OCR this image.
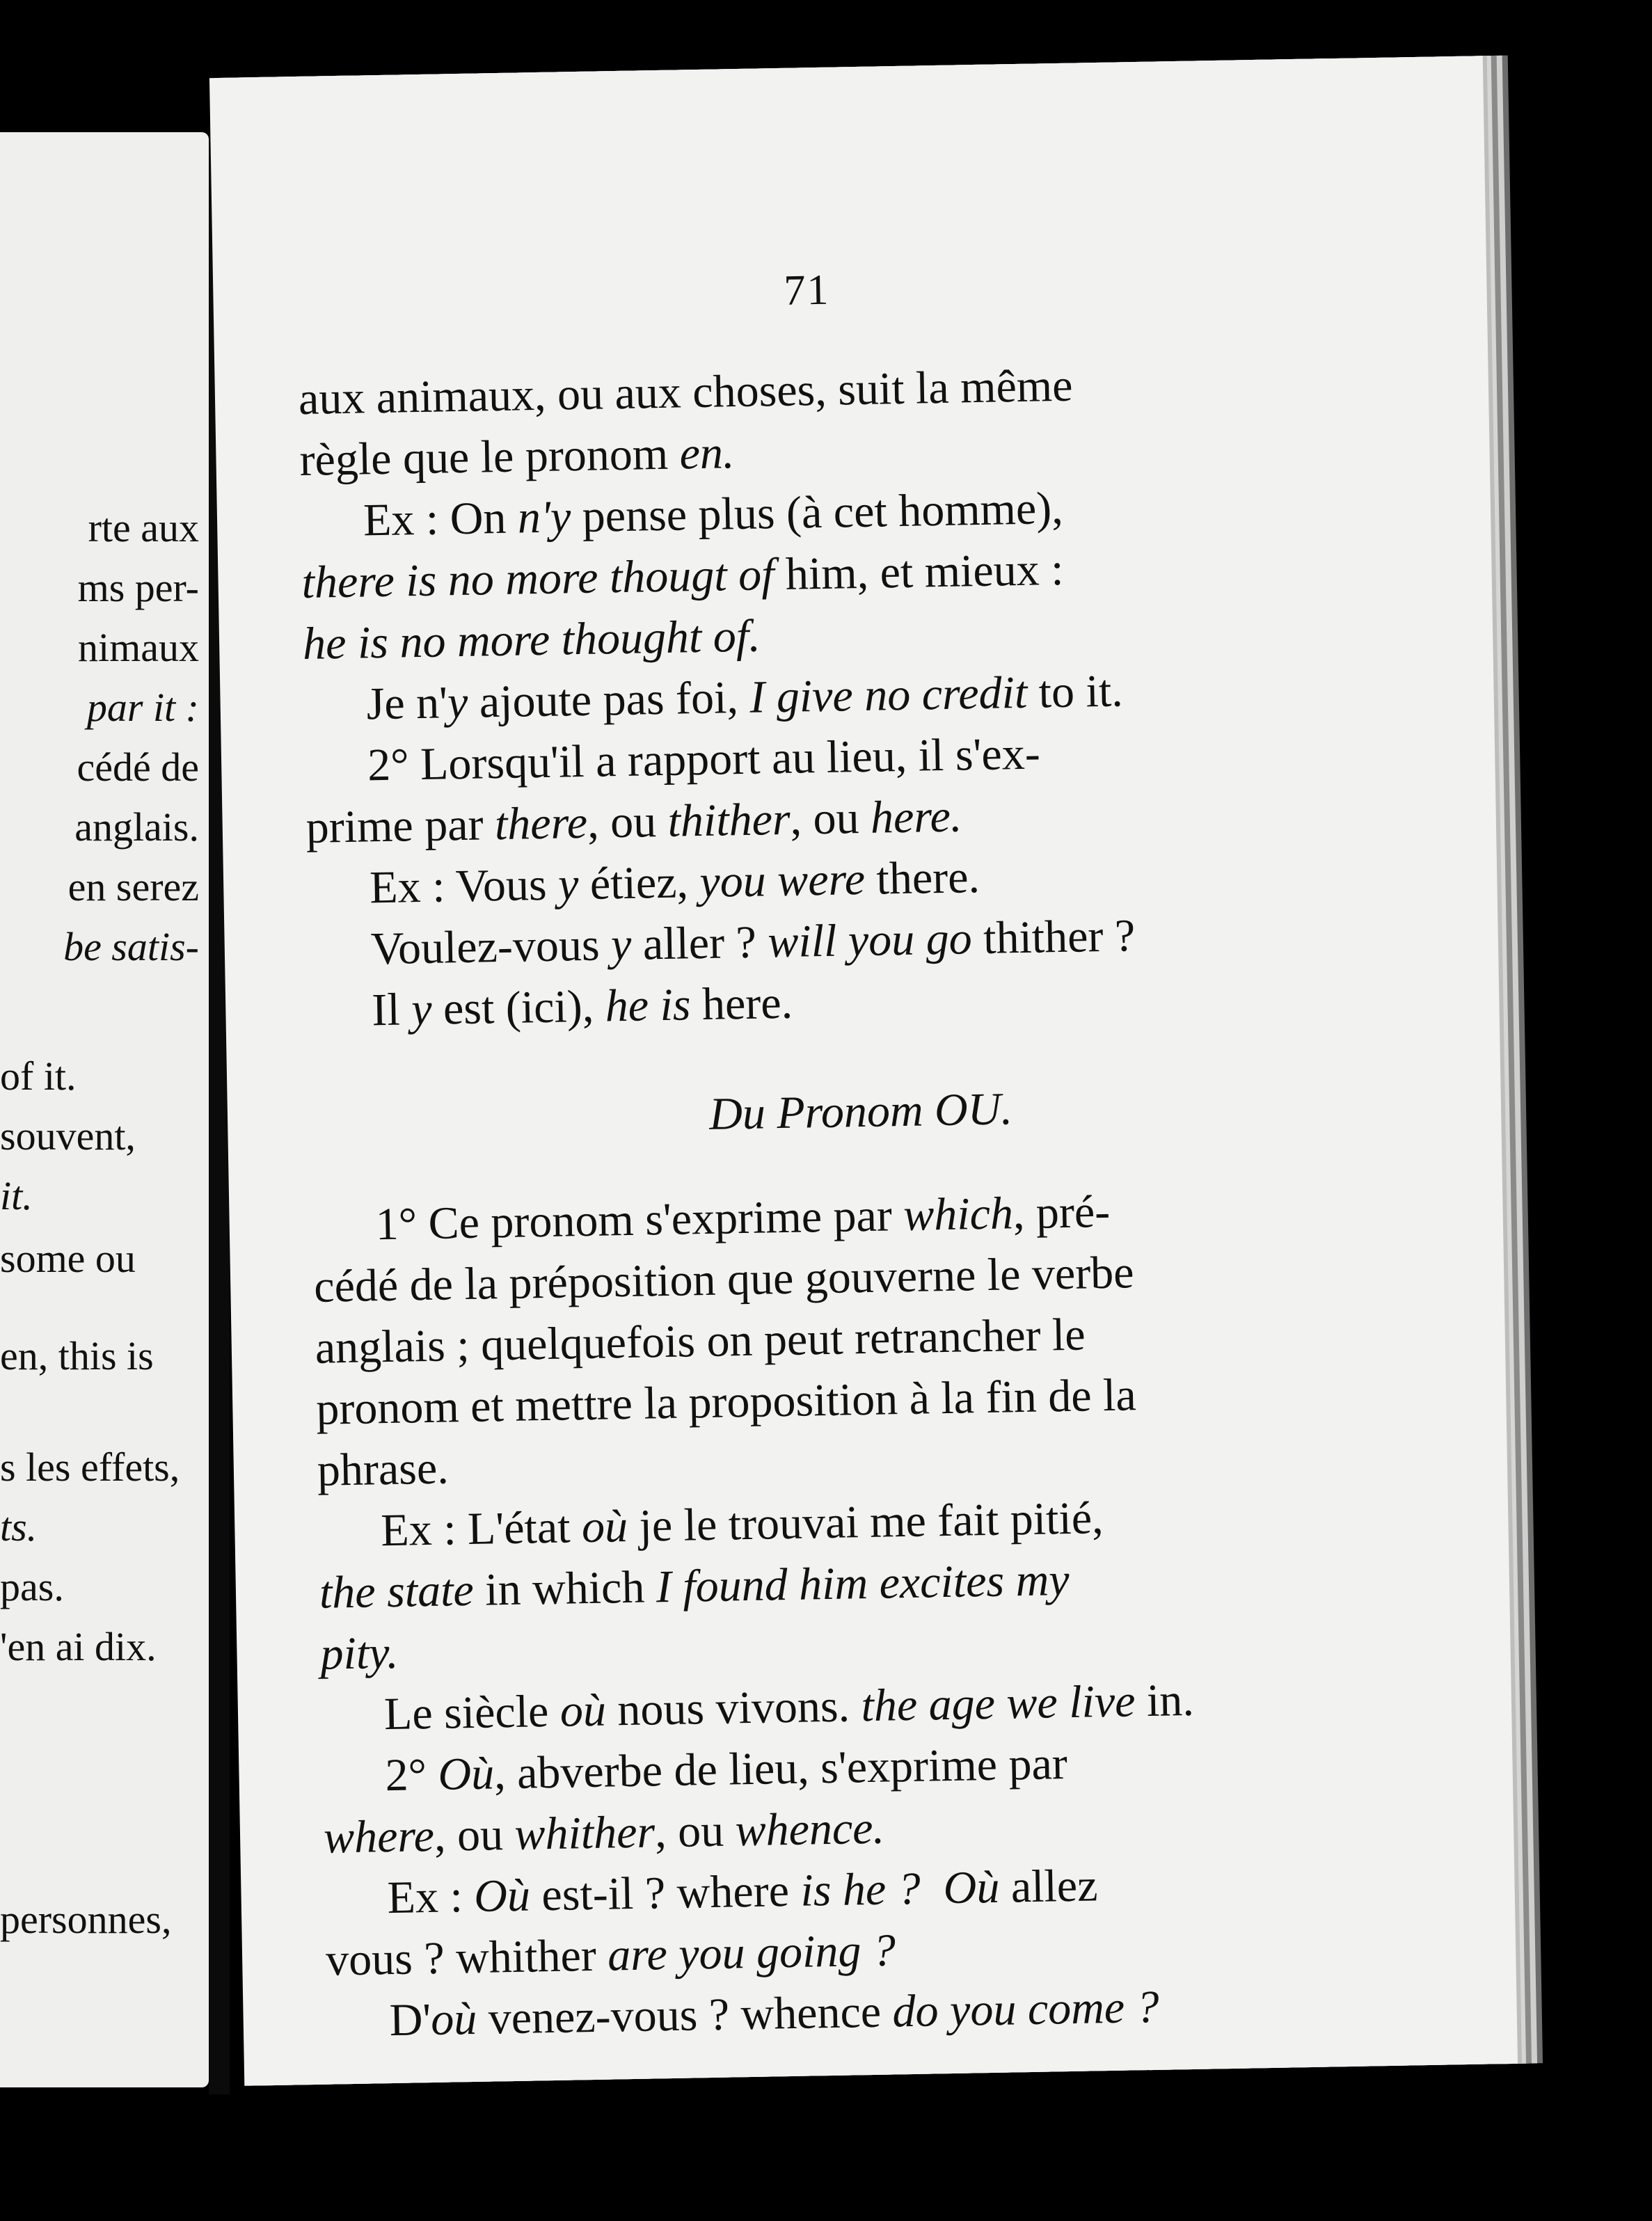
rte aux
ms per-
nimaux
par it :
cédé de
anglais.
en serez
be satis-
of it.
souvent,
it.
some ou
en, this is
s les effets,
ts.
pas.
'en ai dix.
personnes,
71
aux animaux, ou aux choses, suit la même
règle que le pronom en.
Ex : On n'y pense plus (à cet homme),
there is no more thougt of him, et mieux :
he is no more thought of.
Je n'y ajoute pas foi, I give no credit to it.
2° Lorsqu'il a rapport au lieu, il s'ex-
prime par there, ou thither, ou here.
Ex : Vous y étiez, you were there.
Voulez-vous y aller ? will you go thither ?
Il y est (ici), he is here.
Du Pronom OU.
1° Ce pronom s'exprime par which, pré-
cédé de la préposition que gouverne le verbe
anglais ; quelquefois on peut retrancher le
pronom et mettre la proposition à la fin de la
phrase.
Ex : L'état où je le trouvai me fait pitié,
the state in which I found him excites my
pity.
Le siècle où nous vivons. the age we live in.
2° Où, abverbe de lieu, s'exprime par
where, ou whither, ou whence.
Ex : Où est-il ? where is he ? Où allez
vous ? whither are you going ?
D'où venez-vous ? whence do you come ?
